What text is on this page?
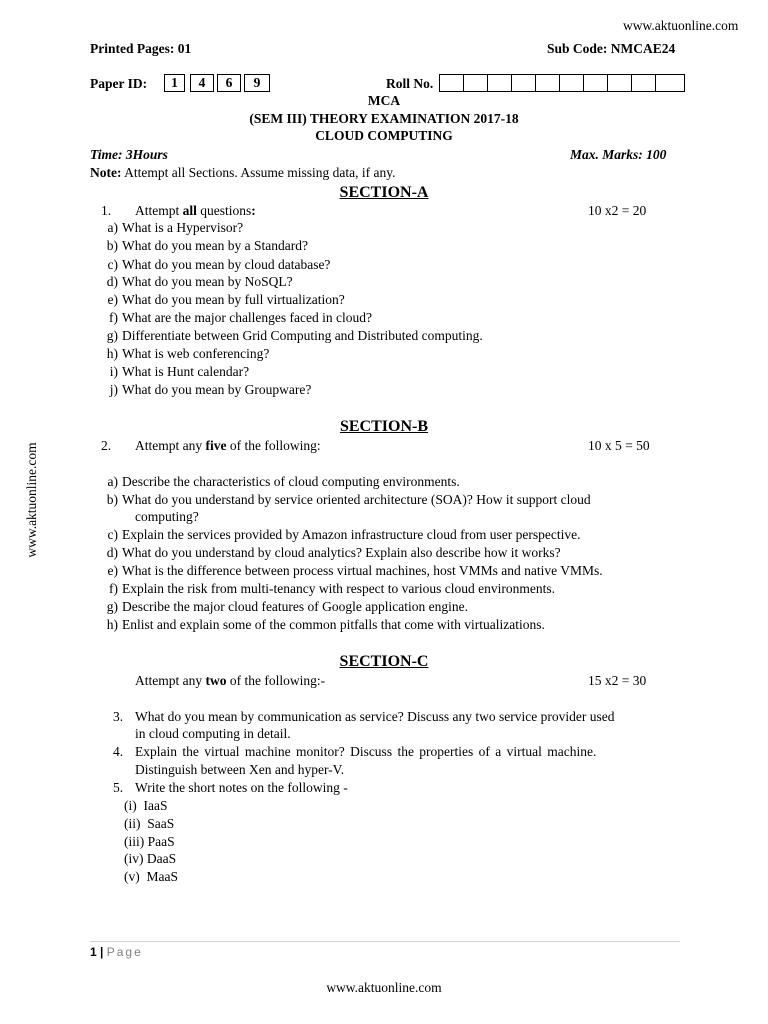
www.aktuonline.com
www.aktuonline.com
Printed Pages: 01	Sub Code: NMCAE24
Paper ID:	1	4	6	9	Roll No.
MCA
(SEM III) THEORY EXAMINATION 2017-18
CLOUD COMPUTING
Time: 3Hours	Max. Marks: 100
Note: Attempt all Sections. Assume missing data, if any.
SECTION-A
1. Attempt all questions:	10 x2 = 20
a) What is a Hypervisor?
b) What do you mean by a Standard?
c) What do you mean by cloud database?
d) What do you mean by NoSQL?
e) What do you mean by full virtualization?
f) What are the major challenges faced in cloud?
g) Differentiate between Grid Computing and Distributed computing.
h) What is web conferencing?
i) What is Hunt calendar?
j) What do you mean by Groupware?
SECTION-B
2. Attempt any five of the following:	10 x 5 = 50
a) Describe the characteristics of cloud computing environments.
b) What do you understand by service oriented architecture (SOA)? How it support cloud
computing?
c) Explain the services provided by Amazon infrastructure cloud from user perspective.
d) What do you understand by cloud analytics? Explain also describe how it works?
e) What is the difference between process virtual machines, host VMMs and native VMMs.
f) Explain the risk from multi-tenancy with respect to various cloud environments.
g) Describe the major cloud features of Google application engine.
h) Enlist and explain some of the common pitfalls that come with virtualizations.
SECTION-C
Attempt any two of the following:-	15 x2 = 30
3. What do you mean by communication as service? Discuss any two service provider used
in cloud computing in detail.
4. Explain the virtual machine monitor? Discuss the properties of a virtual machine.
Distinguish between Xen and hyper-V.
5. Write the short notes on the following -
(i) IaaS
(ii) SaaS
(iii) PaaS
(iv) DaaS
(v) MaaS
1 | Page
www.aktuonline.com
